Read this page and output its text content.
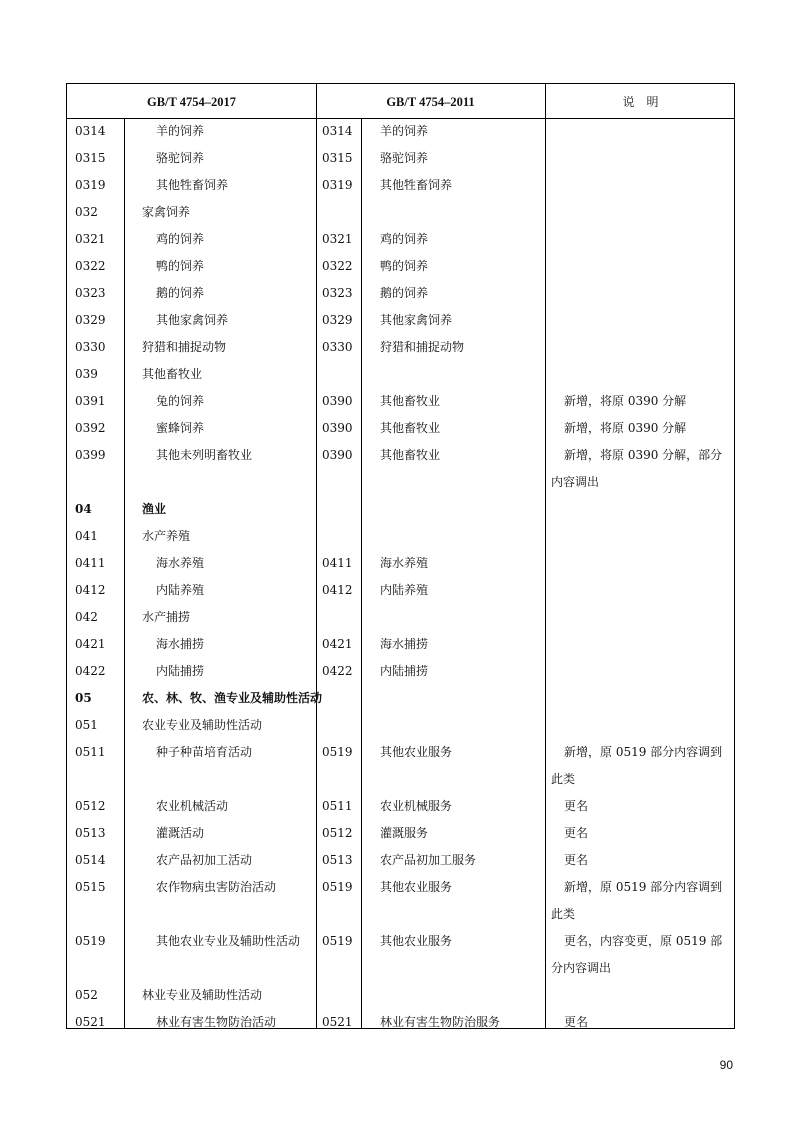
GB/T 4754–2017	GB/T 4754–2011	说　明
0314	羊的饲养	0314 羊的饲养
0315	骆驼饲养	0315 骆驼饲养
0319	其他牲畜饲养	0319 其他牲畜饲养
032	家禽饲养
0321	鸡的饲养	0321 鸡的饲养
0322	鸭的饲养	0322 鸭的饲养
0323	鹅的饲养	0323 鹅的饲养
0329	其他家禽饲养	0329 其他家禽饲养
0330	狩猎和捕捉动物	0330 狩猎和捕捉动物
039	其他畜牧业
0391	兔的饲养	0390 其他畜牧业	新增，将原 0390 分解
0392	蜜蜂饲养	0390 其他畜牧业	新增，将原 0390 分解
0399	其他未列明畜牧业	0390 其他畜牧业	新增，将原 0390 分解，部分内容调出
04	渔业
041	水产养殖
0411	海水养殖	0411 海水养殖
0412	内陆养殖	0412 内陆养殖
042	水产捕捞
0421	海水捕捞	0421 海水捕捞
0422	内陆捕捞	0422 内陆捕捞
05	农、林、牧、渔专业及辅助性活动
051	农业专业及辅助性活动
0511	种子种苗培育活动	0519 其他农业服务	新增，原 0519 部分内容调到此类
0512	农业机械活动	0511 农业机械服务	更名
0513	灌溉活动	0512 灌溉服务	更名
0514	农产品初加工活动	0513 农产品初加工服务	更名
0515	农作物病虫害防治活动	0519 其他农业服务	新增，原 0519 部分内容调到此类
0519	其他农业专业及辅助性活动 0519 其他农业服务	更名，内容变更，原 0519 部分内容调出
052	林业专业及辅助性活动
0521	林业有害生物防治活动	0521 林业有害生物防治服务	更名
90
